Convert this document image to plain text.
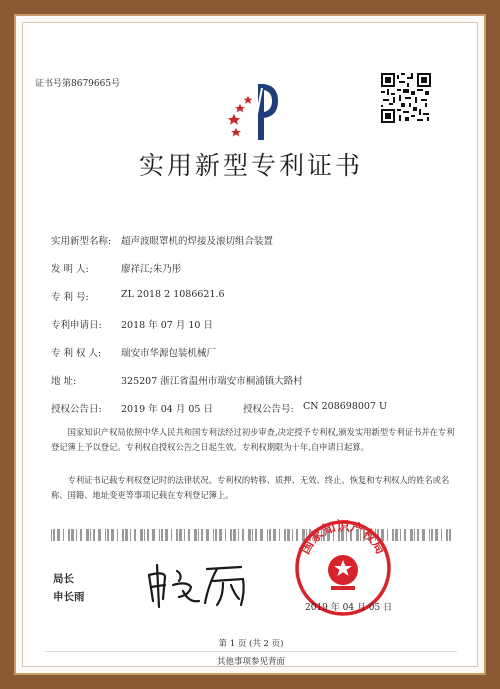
证书号第8679665号
实用新型专利证书
实用新型名称: 超声波眼罩机的焊接及滚切组合装置
发 明 人:	廖祥江;朱乃彤
专 利 号:	ZL 2018 2 1086621.6
专利申请日: 2018 年 07 月 10 日
专 利 权 人: 瑞安市华源包装机械厂
地 址:	325207 浙江省温州市瑞安市桐浦镇大路村
授权公告日: 2019 年 04 月 05 日	授权公告号: CN 208698007 U
国家知识产权局依照中华人民共和国专利法经过初步审查,决定授予专利权,颁发实用新型专利证书并在专利登记簿上予以登记。专利权自授权公告之日起生效。专利权期限为十年,自申请日起算。
专利证书记载专利权登记时的法律状况。专利权的转移、质押、无效、终止、恢复和专利权人的姓名或名称、国籍、地址变更等事项记载在专利登记簿上。
局长
申长雨
国家知识产权局
2019 年 04 月 05 日
第 1 页 (共 2 页)
其他事项参见背面
